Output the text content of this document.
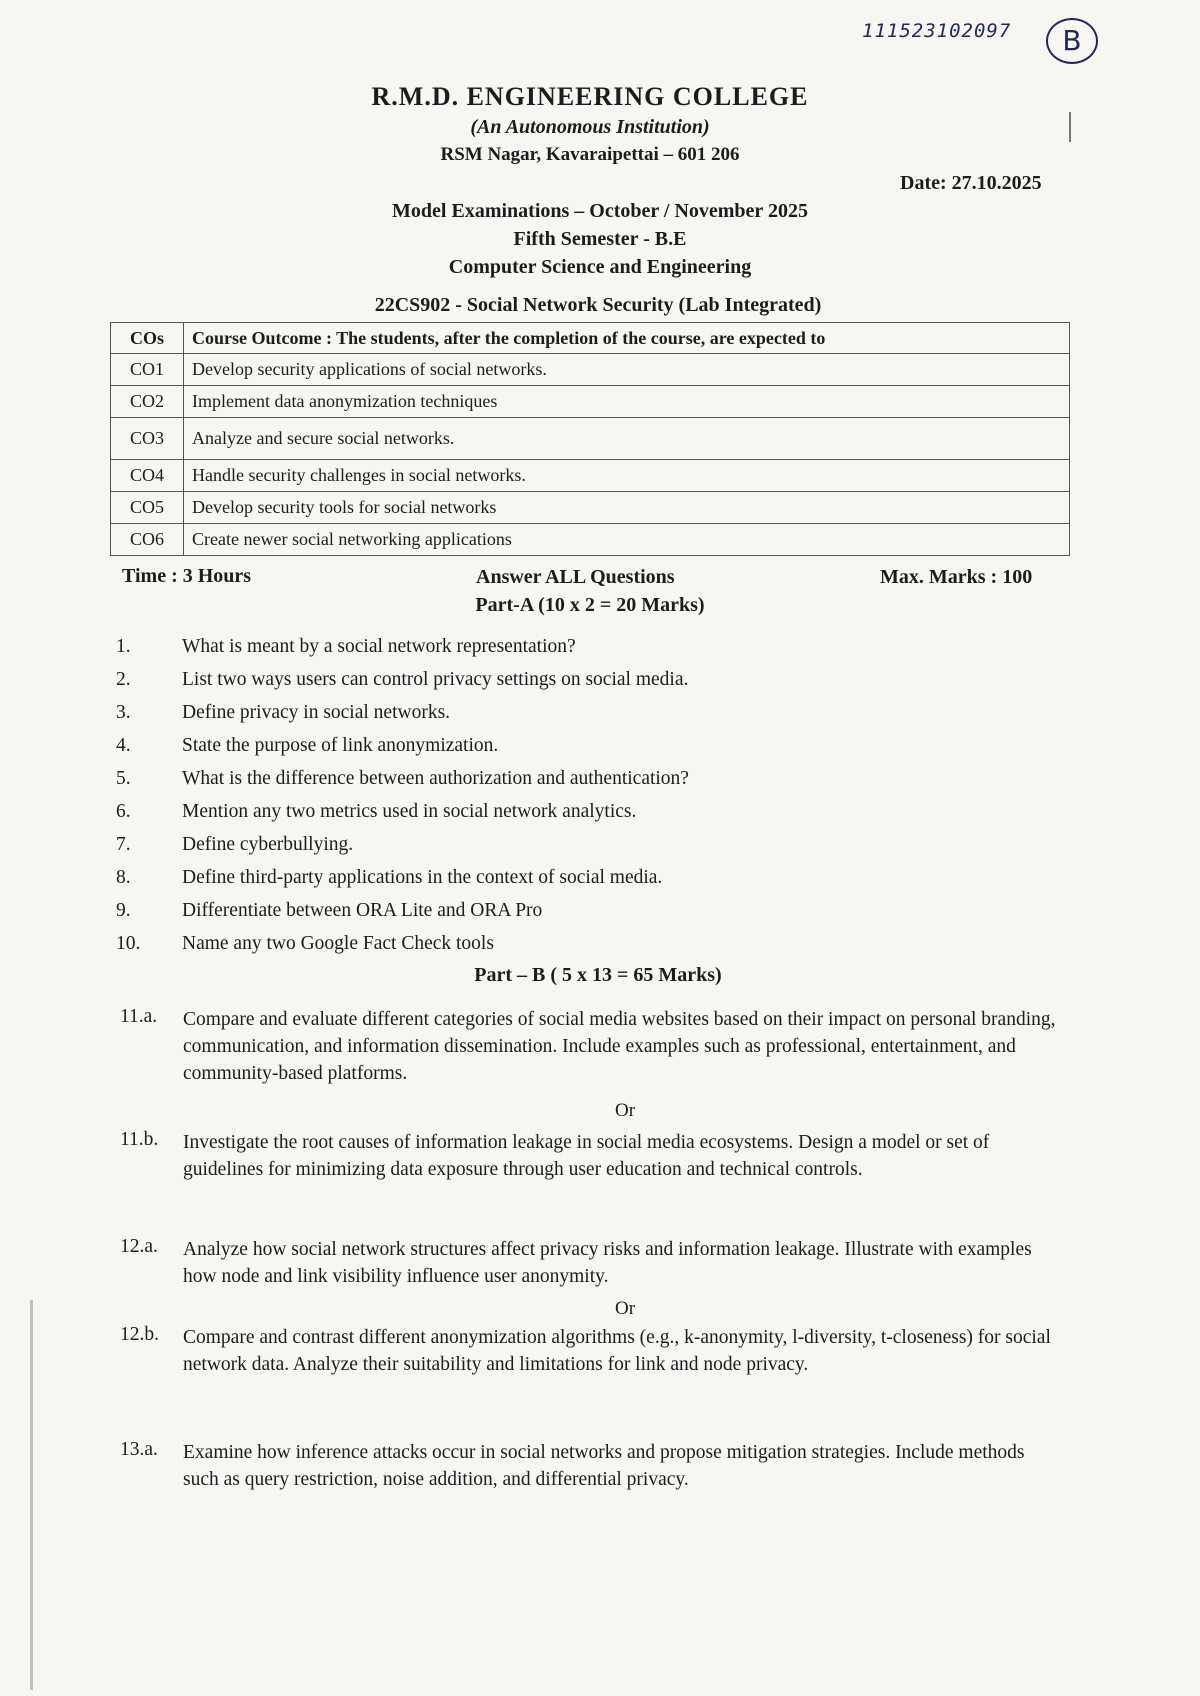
111523102097	B
R.M.D. ENGINEERING COLLEGE
(An Autonomous Institution)
RSM Nagar, Kavaraipettai – 601 206
Date: 27.10.2025
Model Examinations – October / November 2025
Fifth Semester - B.E
Computer Science and Engineering
22CS902 - Social Network Security (Lab Integrated)
COs	Course Outcome : The students, after the completion of the course, are expected to
CO1	Develop security applications of social networks.
CO2	Implement data anonymization techniques
CO3	Analyze and secure social networks.
CO4	Handle security challenges in social networks.
CO5	Develop security tools for social networks
CO6	Create newer social networking applications
Time : 3 Hours	Answer ALL Questions	Max. Marks : 100
Part-A (10 x 2 = 20 Marks)
1.	What is meant by a social network representation?
2.	List two ways users can control privacy settings on social media.
3.	Define privacy in social networks.
4.	State the purpose of link anonymization.
5.	What is the difference between authorization and authentication?
6.	Mention any two metrics used in social network analytics.
7.	Define cyberbullying.
8.	Define third-party applications in the context of social media.
9.	Differentiate between ORA Lite and ORA Pro
10.	Name any two Google Fact Check tools
Part – B ( 5 x 13 = 65 Marks)
11.a.	Compare and evaluate different categories of social media websites based on their impact on personal branding, communication, and information dissemination. Include examples such as professional, entertainment, and community-based platforms.
Or
11.b.	Investigate the root causes of information leakage in social media ecosystems. Design a model or set of guidelines for minimizing data exposure through user education and technical controls.
12.a.	Analyze how social network structures affect privacy risks and information leakage. Illustrate with examples how node and link visibility influence user anonymity.
Or
12.b.	Compare and contrast different anonymization algorithms (e.g., k-anonymity, l-diversity, t-closeness) for social network data. Analyze their suitability and limitations for link and node privacy.
13.a.	Examine how inference attacks occur in social networks and propose mitigation strategies. Include methods such as query restriction, noise addition, and differential privacy.
